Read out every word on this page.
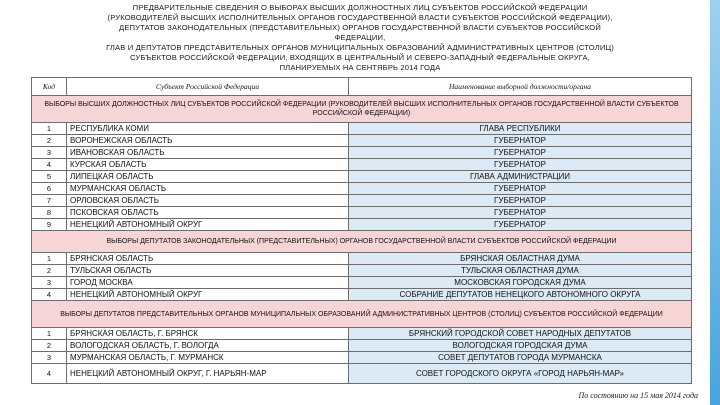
ПРЕДВАРИТЕЛЬНЫЕ СВЕДЕНИЯ О ВЫБОРАХ ВЫСШИХ ДОЛЖНОСТНЫХ ЛИЦ СУБЪЕКТОВ РОССИЙСКОЙ ФЕДЕРАЦИИ
(РУКОВОДИТЕЛЕЙ ВЫСШИХ ИСПОЛНИТЕЛЬНЫХ ОРГАНОВ ГОСУДАРСТВЕННОЙ ВЛАСТИ СУБЪЕКТОВ РОССИЙСКОЙ ФЕДЕРАЦИИ),
ДЕПУТАТОВ ЗАКОНОДАТЕЛЬНЫХ (ПРЕДСТАВИТЕЛЬНЫХ) ОРГАНОВ ГОСУДАРСТВЕННОЙ ВЛАСТИ СУБЪЕКТОВ РОССИЙСКОЙ
ФЕДЕРАЦИИ,
ГЛАВ И ДЕПУТАТОВ ПРЕДСТАВИТЕЛЬНЫХ ОРГАНОВ МУНИЦИПАЛЬНЫХ ОБРАЗОВАНИЙ АДМИНИСТРАТИВНЫХ ЦЕНТРОВ (СТОЛИЦ)
СУБЪЕКТОВ РОССИЙСКОЙ ФЕДЕРАЦИИ, ВХОДЯЩИХ В ЦЕНТРАЛЬНЫЙ И СЕВЕРО-ЗАПАДНЫЙ ФЕДЕРАЛЬНЫЕ ОКРУГА,
ПЛАНИРУЕМЫХ НА СЕНТЯБРЬ 2014 ГОДА
Код	Субъект Российской Федерации	Наименование выборной должности/органа
ВЫБОРЫ ВЫСШИХ ДОЛЖНОСТНЫХ ЛИЦ СУБЪЕКТОВ РОССИЙСКОЙ ФЕДЕРАЦИИ (РУКОВОДИТЕЛЕЙ ВЫСШИХ ИСПОЛНИТЕЛЬНЫХ ОРГАНОВ ГОСУДАРСТВЕННОЙ ВЛАСТИ СУБЪЕКТОВ РОССИЙСКОЙ ФЕДЕРАЦИИ)		
1	РЕСПУБЛИКА КОМИ	ГЛАВА РЕСПУБЛИКИ
2	ВОРОНЕЖСКАЯ ОБЛАСТЬ	ГУБЕРНАТОР
3	ИВАНОВСКАЯ ОБЛАСТЬ	ГУБЕРНАТОР
4	КУРСКАЯ ОБЛАСТЬ	ГУБЕРНАТОР
5	ЛИПЕЦКАЯ ОБЛАСТЬ	ГЛАВА АДМИНИСТРАЦИИ
6	МУРМАНСКАЯ ОБЛАСТЬ	ГУБЕРНАТОР
7	ОРЛОВСКАЯ ОБЛАСТЬ	ГУБЕРНАТОР
8	ПСКОВСКАЯ ОБЛАСТЬ	ГУБЕРНАТОР
9	НЕНЕЦКИЙ АВТОНОМНЫЙ ОКРУГ	ГУБЕРНАТОР
ВЫБОРЫ ДЕПУТАТОВ ЗАКОНОДАТЕЛЬНЫХ (ПРЕДСТАВИТЕЛЬНЫХ) ОРГАНОВ ГОСУДАРСТВЕННОЙ ВЛАСТИ СУБЪЕКТОВ РОССИЙСКОЙ ФЕДЕРАЦИИ		
1	БРЯНСКАЯ ОБЛАСТЬ	БРЯНСКАЯ ОБЛАСТНАЯ ДУМА
2	ТУЛЬСКАЯ ОБЛАСТЬ	ТУЛЬСКАЯ ОБЛАСТНАЯ ДУМА
3	ГОРОД МОСКВА	МОСКОВСКАЯ ГОРОДСКАЯ ДУМА
4	НЕНЕЦКИЙ АВТОНОМНЫЙ ОКРУГ	СОБРАНИЕ ДЕПУТАТОВ НЕНЕЦКОГО АВТОНОМНОГО ОКРУГА
ВЫБОРЫ ДЕПУТАТОВ ПРЕДСТАВИТЕЛЬНЫХ ОРГАНОВ МУНИЦИПАЛЬНЫХ ОБРАЗОВАНИЙ АДМИНИСТРАТИВНЫХ ЦЕНТРОВ (СТОЛИЦ) СУБЪЕКТОВ РОССИЙСКОЙ ФЕДЕРАЦИИ		
1	БРЯНСКАЯ ОБЛАСТЬ, Г. БРЯНСК	БРЯНСКИЙ ГОРОДСКОЙ СОВЕТ НАРОДНЫХ ДЕПУТАТОВ
2	ВОЛОГОДСКАЯ ОБЛАСТЬ, Г. ВОЛОГДА	ВОЛОГОДСКАЯ ГОРОДСКАЯ ДУМА
3	МУРМАНСКАЯ ОБЛАСТЬ, Г. МУРМАНСК	СОВЕТ ДЕПУТАТОВ ГОРОДА МУРМАНСКА
4	НЕНЕЦКИЙ АВТОНОМНЫЙ ОКРУГ, Г. НАРЬЯН-МАР	СОВЕТ ГОРОДСКОГО ОКРУГА «ГОРОД НАРЬЯН-МАР»
По состоянию на 15 мая 2014 года
